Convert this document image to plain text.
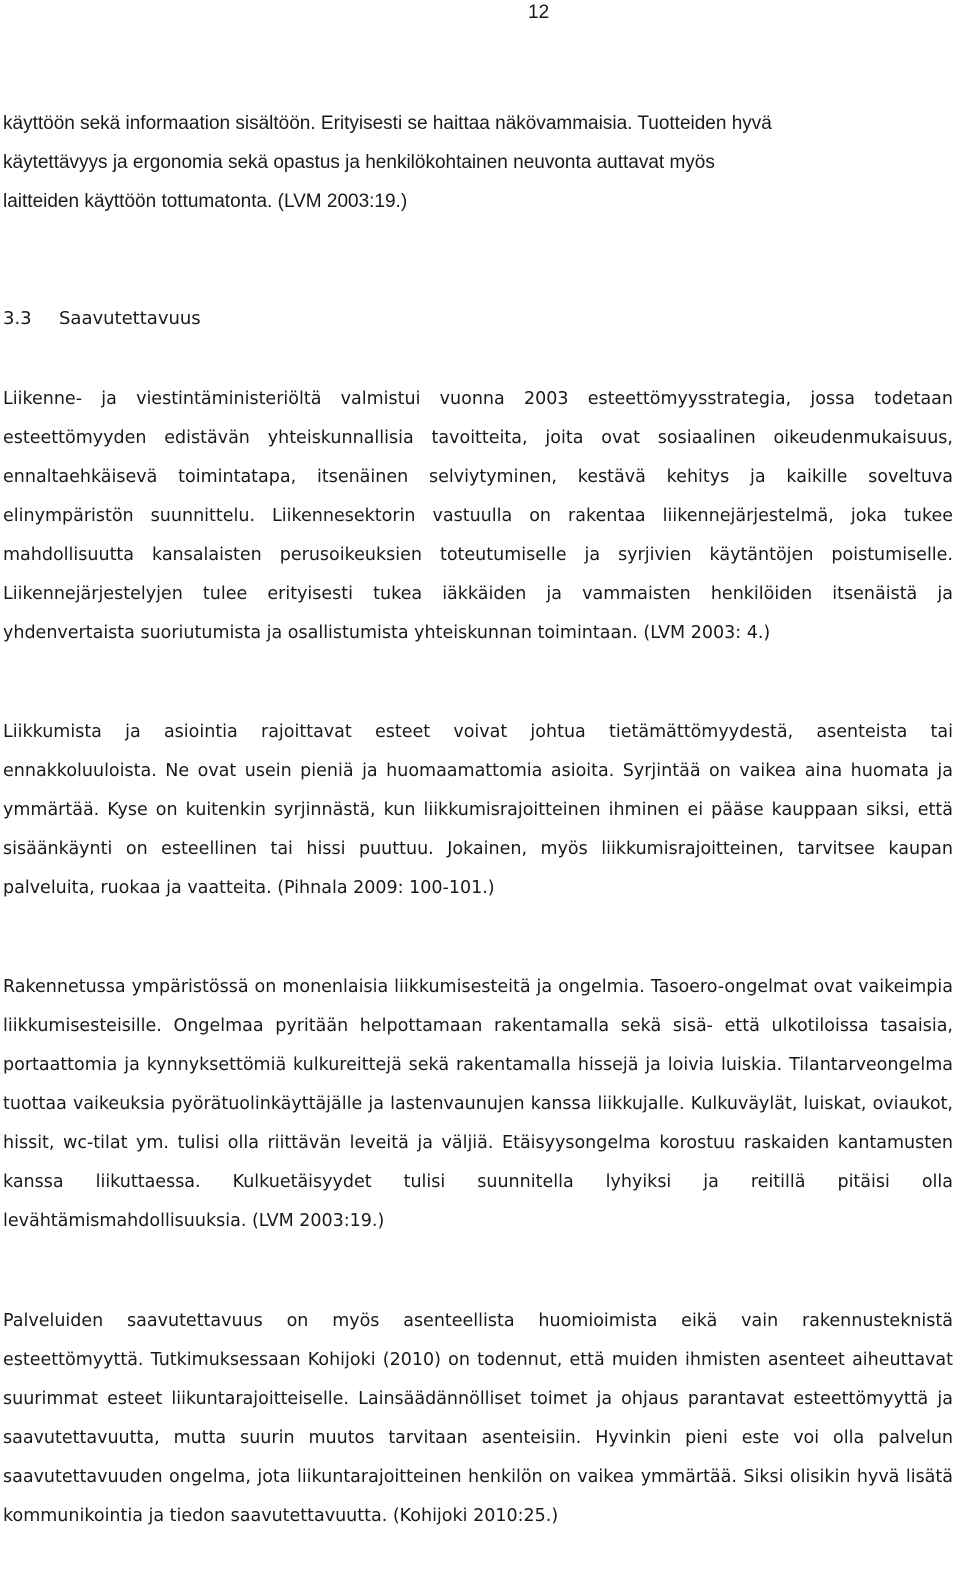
12

käyttöön sekä informaation sisältöön. Erityisesti se haittaa näkövammaisia. Tuotteiden hyvä
käytettävyys ja ergonomia sekä opastus ja henkilökohtainen neuvonta auttavat myös
laitteiden käyttöön tottumatonta. (LVM 2003:19.)

3.3 Saavutettavuus

Liikenne- ja viestintäministeriöltä valmistui vuonna 2003 esteettömyysstrategia, jossa todetaan esteettömyyden edistävän yhteiskunnallisia tavoitteita, joita ovat sosiaalinen oikeudenmukaisuus, ennaltaehkäisevä toimintatapa, itsenäinen selviytyminen, kestävä kehitys ja kaikille soveltuva elinympäristön suunnittelu. Liikennesektorin vastuulla on rakentaa liikennejärjestelmä, joka tukee mahdollisuutta kansalaisten perusoikeuksien toteutumiselle ja syrjivien käytäntöjen poistumiselle. Liikennejärjestelyjen tulee erityisesti tukea iäkkäiden ja vammaisten henkilöiden itsenäistä ja yhdenvertaista suoriutumista ja osallistumista yhteiskunnan toimintaan. (LVM 2003: 4.)

Liikkumista ja asiointia rajoittavat esteet voivat johtua tietämättömyydestä, asenteista tai ennakkoluuloista. Ne ovat usein pieniä ja huomaamattomia asioita. Syrjintää on vaikea aina huomata ja ymmärtää. Kyse on kuitenkin syrjinnästä, kun liikkumisrajoitteinen ihminen ei pääse kauppaan siksi, että sisäänkäynti on esteellinen tai hissi puuttuu. Jokainen, myös liikkumisrajoitteinen, tarvitsee kaupan palveluita, ruokaa ja vaatteita. (Pihnala 2009: 100-101.)

Rakennetussa ympäristössä on monenlaisia liikkumisesteitä ja ongelmia. Tasoero-ongelmat ovat vaikeimpia liikkumisesteisille. Ongelmaa pyritään helpottamaan rakentamalla sekä sisä- että ulkotiloissa tasaisia, portaattomia ja kynnyksettömiä kulkureittejä sekä rakentamalla hissejä ja loivia luiskia. Tilantarveongelma tuottaa vaikeuksia pyörätuolinkäyttäjälle ja lastenvaunujen kanssa liikkujalle. Kulkuväylät, luiskat, oviaukot, hissit, wc-tilat ym. tulisi olla riittävän leveitä ja väljiä. Etäisyysongelma korostuu raskaiden kantamusten kanssa liikuttaessa. Kulkuetäisyydet tulisi suunnitella lyhyiksi ja reitillä pitäisi olla levähtämismahdollisuuksia. (LVM 2003:19.)

Palveluiden saavutettavuus on myös asenteellista huomioimista eikä vain rakennusteknistä esteettömyyttä. Tutkimuksessaan Kohijoki (2010) on todennut, että muiden ihmisten asenteet aiheuttavat suurimmat esteet liikuntarajoitteiselle. Lainsäädännölliset toimet ja ohjaus parantavat esteettömyyttä ja saavutettavuutta, mutta suurin muutos tarvitaan asenteisiin. Hyvinkin pieni este voi olla palvelun saavutettavuuden ongelma, jota liikuntarajoitteinen henkilön on vaikea ymmärtää. Siksi olisikin hyvä lisätä kommunikointia ja tiedon saavutettavuutta. (Kohijoki 2010:25.)
